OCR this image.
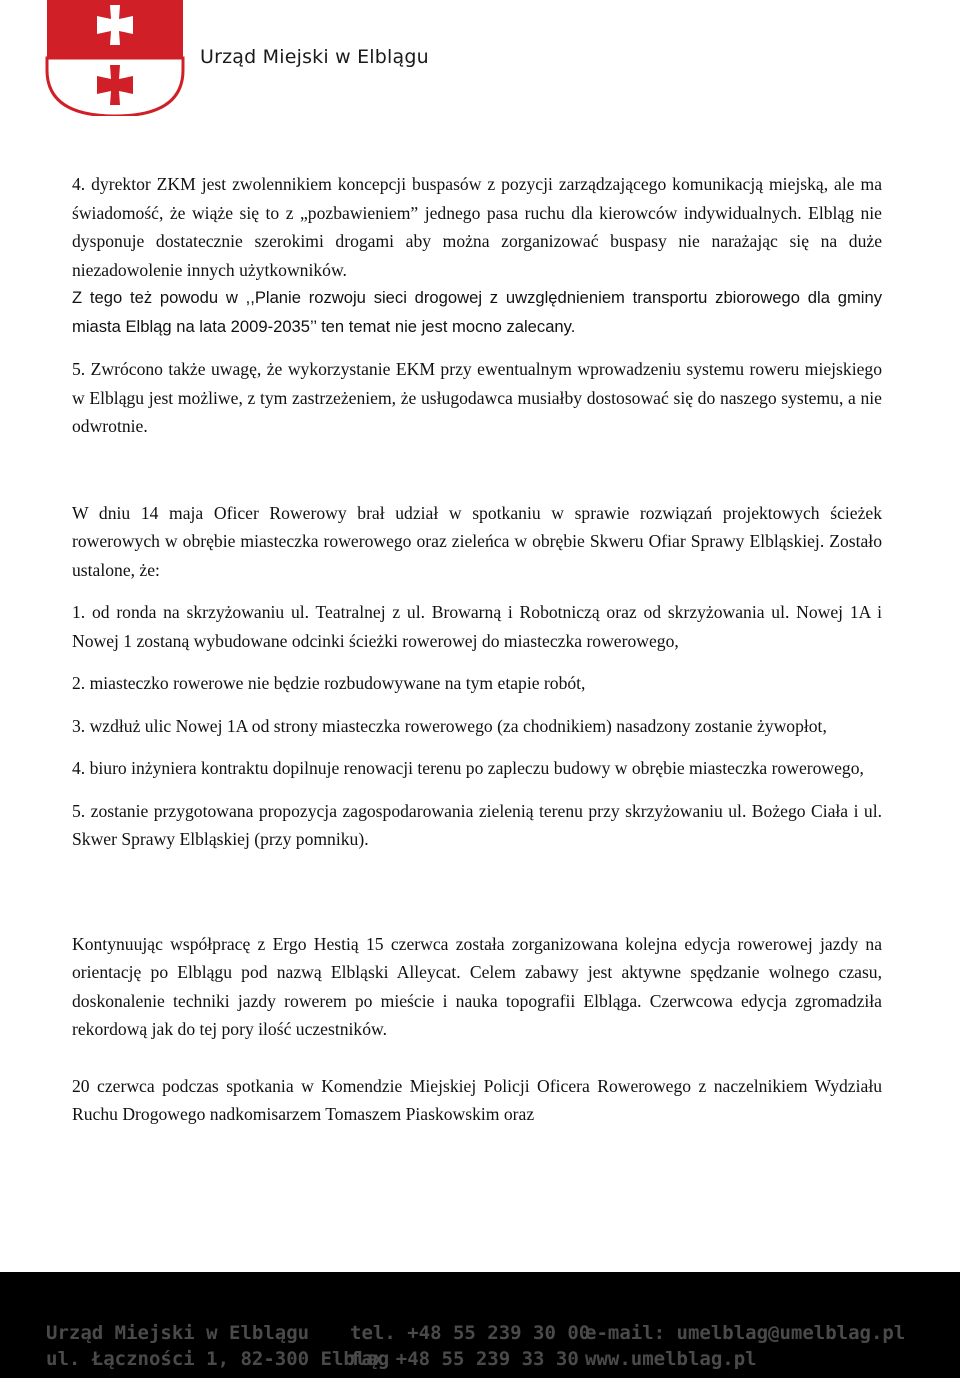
Urząd Miejski w Elblągu

4. dyrektor ZKM jest zwolennikiem koncepcji buspasów z pozycji zarządzającego komunikacją miejską, ale ma świadomość, że wiąże się to z „pozbawieniem” jednego pasa ruchu dla kierowców indywidualnych. Elbląg nie dysponuje dostatecznie szerokimi drogami aby można zorganizować buspasy nie narażając się na duże niezadowolenie innych użytkowników.

Z tego też powodu w ,,Planie rozwoju sieci drogowej z uwzględnieniem transportu zbiorowego dla gminy miasta Elbląg na lata 2009-2035’’ ten temat nie jest mocno zalecany.

5. Zwrócono także uwagę, że wykorzystanie EKM przy ewentualnym wprowadzeniu systemu roweru miejskiego w Elblągu jest możliwe, z tym zastrzeżeniem, że usługodawca musiałby dostosować się do naszego systemu, a nie odwrotnie.

W dniu 14 maja Oficer Rowerowy brał udział w spotkaniu w sprawie rozwiązań projektowych ścieżek rowerowych w obrębie miasteczka rowerowego oraz zieleńca w obrębie Skweru Ofiar Sprawy Elbląskiej. Zostało ustalone, że:

1. od ronda na skrzyżowaniu ul. Teatralnej z ul. Browarną i Robotniczą oraz od skrzyżowania ul. Nowej 1A i Nowej 1 zostaną wybudowane odcinki ścieżki rowerowej do miasteczka rowerowego,

2. miasteczko rowerowe nie będzie rozbudowywane na tym etapie robót,

3. wzdłuż ulic Nowej 1A od strony miasteczka rowerowego (za chodnikiem) nasadzony zostanie żywopłot,

4. biuro inżyniera kontraktu dopilnuje renowacji terenu po zapleczu budowy w obrębie miasteczka rowerowego,

5. zostanie przygotowana propozycja zagospodarowania zielenią terenu przy skrzyżowaniu ul. Bożego Ciała i ul. Skwer Sprawy Elbląskiej (przy pomniku).

Kontynuując współpracę z Ergo Hestią 15 czerwca została zorganizowana kolejna edycja rowerowej jazdy na orientację po Elblągu pod nazwą Elbląski Alleycat. Celem zabawy jest aktywne spędzanie wolnego czasu, doskonalenie techniki jazdy rowerem po mieście i nauka topografii Elbląga. Czerwcowa edycja zgromadziła rekordową jak do tej pory ilość uczestników.

20 czerwca podczas spotkania w Komendzie Miejskiej Policji Oficera Rowerowego z naczelnikiem Wydziału Ruchu Drogowego nadkomisarzem Tomaszem Piaskowskim oraz

Urząd Miejski w Elblągu
ul. Łączności 1, 82-300 Elbląg
tel. +48 55 239 30 00
fax +48 55 239 33 30
e-mail: umelblag@umelblag.pl
www.umelblag.pl
